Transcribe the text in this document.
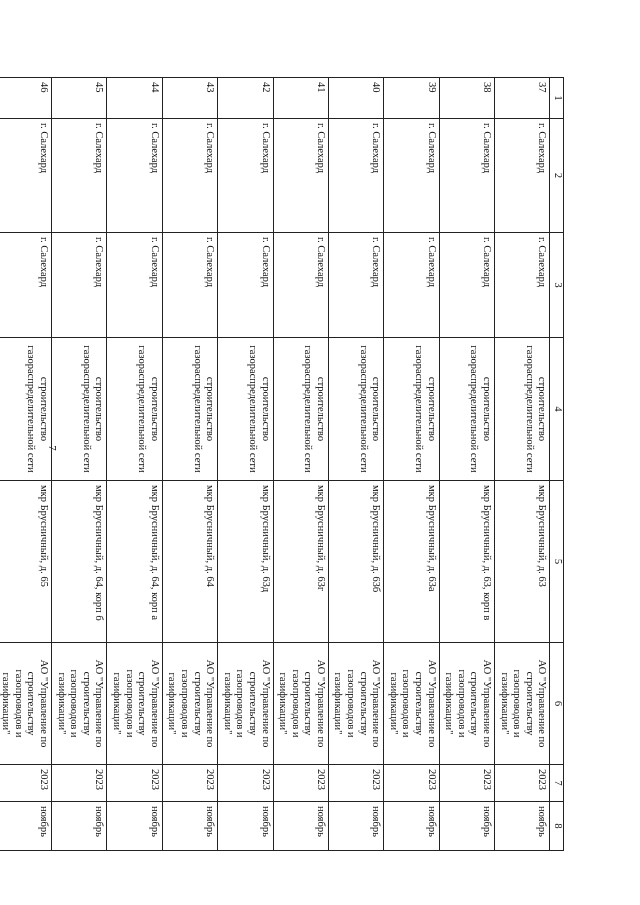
7
1	2	3	4	5	6	7	8
37	г. Салехард	г. Салехард	строительство газораспределительной сети	мкр Брусничный, д. 63	АО "Управление по строительству газопроводов и газификации"	2023	ноябрь
38	г. Салехард	г. Салехард	строительство газораспределительной сети	мкр Брусничный, д. 63, корп в	АО "Управление по строительству газопроводов и газификации"	2023	ноябрь
39	г. Салехард	г. Салехард	строительство газораспределительной сети	мкр Брусничный, д. 63а	АО "Управление по строительству газопроводов и газификации"	2023	ноябрь
40	г. Салехард	г. Салехард	строительство газораспределительной сети	мкр Брусничный, д. 63б	АО "Управление по строительству газопроводов и газификации"	2023	ноябрь
41	г. Салехард	г. Салехард	строительство газораспределительной сети	мкр Брусничный, д. 63г	АО "Управление по строительству газопроводов и газификации"	2023	ноябрь
42	г. Салехард	г. Салехард	строительство газораспределительной сети	мкр Брусничный, д. 63д	АО "Управление по строительству газопроводов и газификации"	2023	ноябрь
43	г. Салехард	г. Салехард	строительство газораспределительной сети	мкр Брусничный, д. 64	АО "Управление по строительству газопроводов и газификации"	2023	ноябрь
44	г. Салехард	г. Салехард	строительство газораспределительной сети	мкр Брусничный, д. 64, корп а	АО "Управление по строительству газопроводов и газификации"	2023	ноябрь
45	г. Салехард	г. Салехард	строительство газораспределительной сети	мкр Брусничный, д. 64, корп б	АО "Управление по строительству газопроводов и газификации"	2023	ноябрь
46	г. Салехард	г. Салехард	строительство газораспределительной сети	мкр Брусничный, д. 65	АО "Управление по строительству газопроводов и газификации"	2023	ноябрь
